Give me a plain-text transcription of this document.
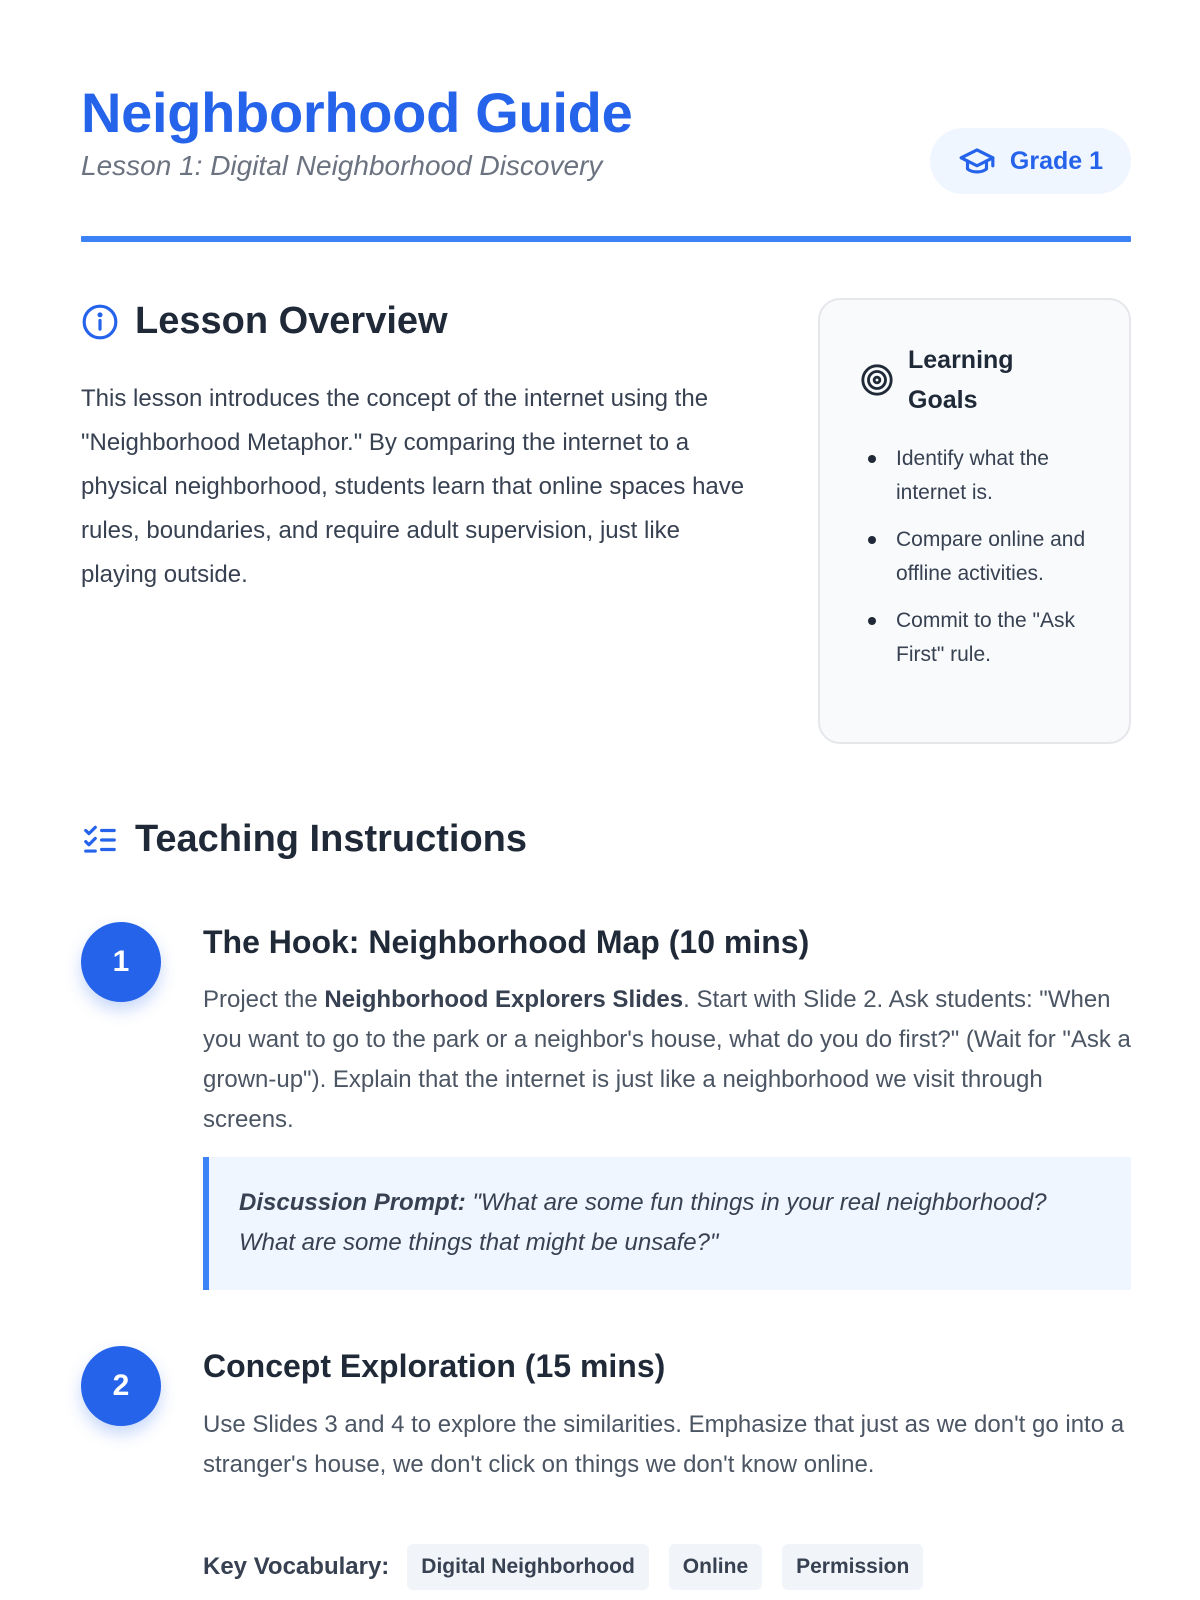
Neighborhood Guide
Lesson 1: Digital Neighborhood Discovery	Grade 1
Lesson Overview

This lesson introduces the concept of the internet using the "Neighborhood Metaphor." By comparing the internet to a physical neighborhood, students learn that online spaces have rules, boundaries, and require adult supervision, just like playing outside.

Learning Goals
Identify what the internet is.
Compare online and offline activities.
Commit to the "Ask First" rule.
Teaching Instructions
1
The Hook: Neighborhood Map (10 mins)

Project the Neighborhood Explorers Slides. Start with Slide 2. Ask students: "When you want to go to the park or a neighbor's house, what do you do first?" (Wait for "Ask a grown-up"). Explain that the internet is just like a neighborhood we visit through screens.

Discussion Prompt: "What are some fun things in your real neighborhood? What are some things that might be unsafe?"
2
Concept Exploration (15 mins)

Use Slides 3 and 4 to explore the similarities. Emphasize that just as we don't go into a stranger's house, we don't click on things we don't know online.

Key Vocabulary:	Digital Neighborhood	Online	Permission
